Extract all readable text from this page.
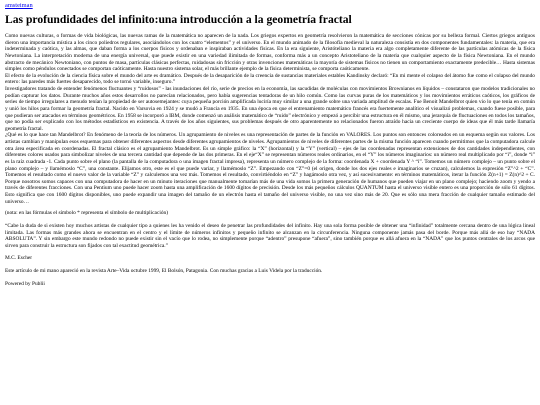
amsteiman
Las profundidades del infinito:una introducción a la geometría fractal

Como nuevas culturas, o formas de vida biológicas, las nuevas ramas de la matemática no aparecen de la nada. Los griegos expertos en geometría resolvieron la matemática de secciones cónicas por su belleza formal. Ciertos griegos antiguos dieron una importancia mística a los cinco poliedros regulares, asociándolos con los cuatro “elementos” y el universo. En el mundo animado de la filosofía medieval la naturaleza consistía en dos componentes fundamentales: la materia, que era indeterminada y caótica, y las almas, que daban forma a los cuerpos físicos y ordenaban e inspiraban actividades físicas. En la era siguiente, Aristóteliano la materia era algo completamente diferente de las partículas atómicas de la física Newtoniana. La interpretación moderna de una energía universal, que puede existir en una variedad ilimitada de formas, conforma más a un concepto Aristoteliano de la materia que cualquier aspecto de la física Newtoniana. En el mundo abstracto de mecánico Newtoniano, con puntos de masa, partículas clásicas perfectas, ruidadosas sin fricción y otras invenciones matemáticas la mayoría de sistemas físicos no tienen un comportamiento exactamente predecible… Hasta sistemas simples como péndulos conectados se comportan caóticamente. Hasta nuestro sistema solar, el más brillante ejemplo de la física determinista, se comporta caóticamente.

El efecto de la evolución de la ciencia física sobre el mundo del arte es dramático. Después de la desaparición de la creencia de sustancias materiales estables Kandinsky declaró: “En mi mente el colapso del átomo fue como el colapso del mundo entero: las paredes más fuertes desaparecido, todo se tornó variable, inseguro.”

Investigadores tratando de entender fenómenos fluctuantes y “ruidosos” - las inundaciones del río, serie de precios en la economía, las sacudidas de moléculas con movimientos Brownianos en líquidos – constataron que modelos tradicionales no podían capturar los datos. Durante muchos años estos desarrollos no parecían relacionados, pero había sugerencias tentadoras de un hilo común. Como las curvas puras de los matemáticos y los movimientos erráticos caóticos, los gráficos de series de tiempo irregulares a menudo tenían la propiedad de ser autosemejantes: cuya pequeña porción amplificada luciría muy similar a una grande sobre una variada amplitud de escalas. Fue Benoit Mandelbrot quien vio lo que tenía en común y unió los hilos para formar la geometría fractal. Nacido en Varsovia en 1924 y se mudó a Francia en 1935. En una época en que el entrenamiento matemático francés era fuertemente analítico el visualizó problemas, cuando fuese posible, para que pudieran ser atacados en términos geométricos. En 1958 se incorporó a IBM, donde comenzó un análisis matemático de “ruido” electrónico y empezó a percibir una estructura en él mismo, una jerarquía de fluctuaciones en todos los tamaños, que no podía ser explicado con los métodos estadísticos en existencia. A través de los años siguientes, sus problemas después de otro aparentemente no relacionados fueron atraído hacia un creciente cuerpo de ideas que él más tarde llamaría geometría fractal.

¿Qué es lo que hace tan Mandelbrot? En fenómeno de la teoría de los números. Un agrupamiento de niveles es una representación de partes de la función en VALORES. Los puntos son entonces coloreados en un esquema según sus valores. Los artistas cambian y manipulan esos esquemas para obtener diferentes aspectos desde diferentes agrupamientos de niveles. Agrupamientos de niveles de diferentes partes de la misma función aparecen cuando permitimos que la computadora calcule otra área especificada en coordenadas. El fractal clásico es el agrupamiento Mandelbrot. Es un simple gráfico: la “X” (horizontal) y la “Y” (vertical) – ejes de las coordenadas representan extensiones de dos cantidades independientes, con diferentes colores usados para simbolizar niveles de una tercera cantidad que depende de las dos primeras. En el eje“X” se representan números reales ordinarios, en el “Y” los números imaginarios: un número real multiplicado por “i”, donde “i” es la raíz cuadrada -1. Cada punto sobre el plano (la pantalla de la computadora o una imagen fractal impresa), representa un número complejo de la forma: coordenada X + coordenada Y ^ “i”. Tomemos un número complejo – un punto sobre el plano complejo – y llamémoslo “C”, una constante. Elijamos otro, este es el que puede variar, y llamémoslo “Z”. Empezando con “Z”=0 (el origen, donde los dos ejes reales e imaginarios se cruzan), calculemos la expresión “Z”^2 + “C”. Tomemos el resultado como el nuevo valor de la variable “Z” y calculemos una vez más. Tomemos el resultado, convirtiéndolo en “Z” y hagámoslo otra vez, y así sucesivamente: en términos matemáticos, iterar la función Z(n+1) = Z(n)^2 + C. Porque nosotros somos capaces con una computadora de hacer en un minuto iteraciones que manualmente tomarían más de una vida somos la primera generación de humanos que pueden viajar en un plano complejo; haciendo zoom y yendo a través de diferentes fracciones. Con una Pentium uno puede hacer zoom hasta una amplificación de 1600 dígitos de precisión. Desde los más pequeños cálculos QUANTUM hasta el universo visible entero es una proporción de sólo 61 dígitos. Esto significa que con 1600 dígitos disponibles, uno puede expandir una imagen del tamaño de un electrón hasta el tamaño del universo visible, no una vez sino más de 20. Que es sólo una mera fracción de cualquier tamaño estimado del universo…

(nota: en las fórmulas el símbolo * representa el símbolo de multiplicación)

“Cabe la duda de si existen hoy muchos artistas de cualquier tipo a quienes les ha venido el deseo de penetrar las profundidades del infinito. Hay una sola forma posible de obtener una “infinidad” totalmente cercana dentro de una lógica lineal limitada. Las formas más grandes ahora se encuentran en el centro y el límite de números infinitos y pequeño infinito se alcanzan en la circunferencia. Ninguna componente jamás pasa del borde. Porque más allá de eso hay “NADA ABSOLUTA”. Y sin embargo este mundo redondo no puede existir sin el vacío que lo rodea, no simplemente porque “adentro” presupone “afuera”, sino también porque es allá afuera en la “NADA” que los puntos centrales de los arcos que sirven para construir la estructura son fijados con tal exactitud geométrica.”

M.C. Escher

Este artículo de mi mano apareció en la revista Arte–Vida octubre 1999, El Bolsón, Patagonia. Con muchas gracias a Luis Videla por la traducción.

Powered by Publii
